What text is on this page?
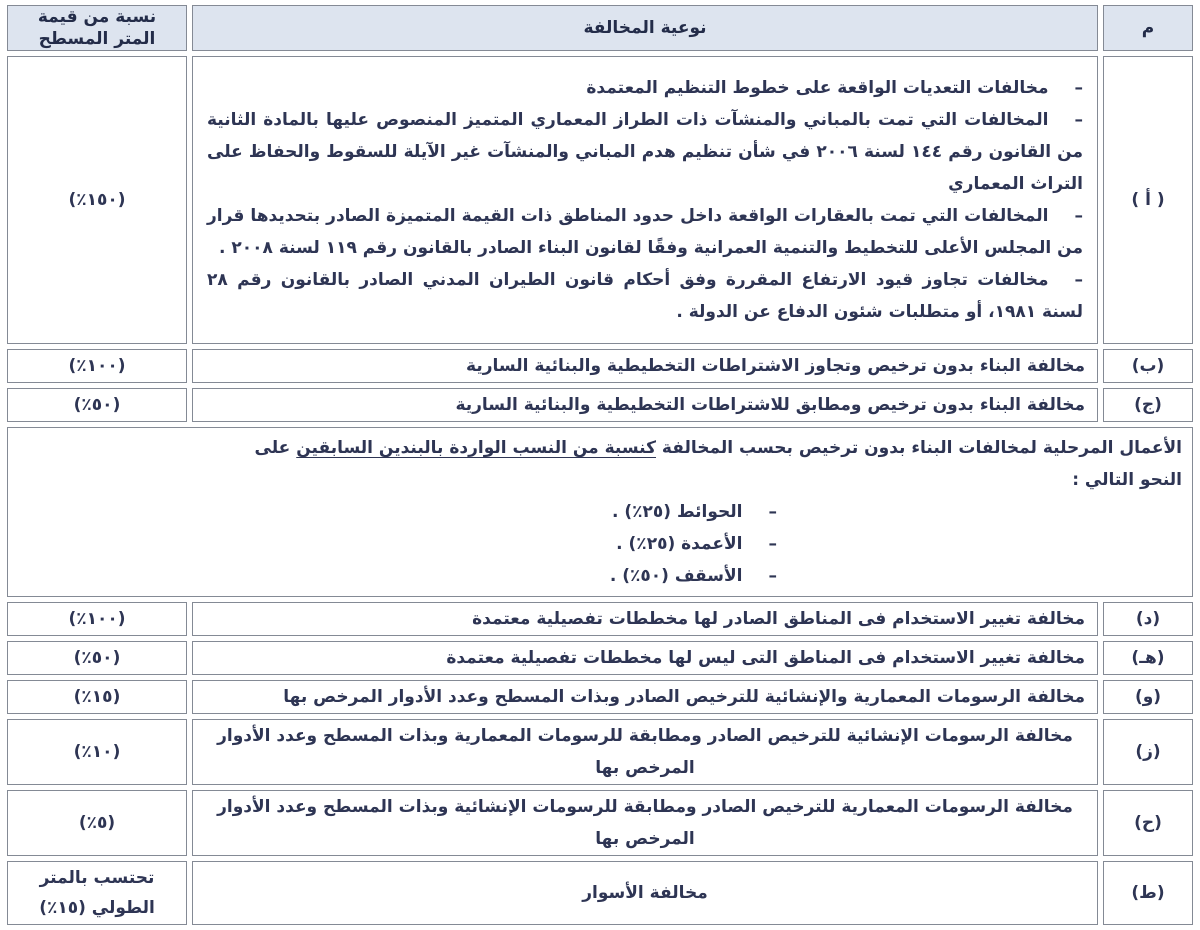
م	نوعية المخالفة	نسبة من قيمة
المتر المسطح
( أ )	–مخالفات التعديات الواقعة على خطوط التنظيم المعتمدة
–المخالفات التي تمت بالمباني والمنشآت ذات الطراز المعماري المتميز المنصوص عليها بالمادة الثانية من القانون رقم ١٤٤ لسنة ٢٠٠٦ في شأن تنظيم هدم المباني والمنشآت غير الآيلة للسقوط والحفاظ على التراث المعماري
–المخالفات التي تمت بالعقارات الواقعة داخل حدود المناطق ذات القيمة المتميزة الصادر بتحديدها قرار من المجلس الأعلى للتخطيط والتنمية العمرانية وفقًا لقانون البناء الصادر بالقانون رقم ١١٩ لسنة ٢٠٠٨ .
–مخالفات تجاوز قيود الارتفاع المقررة وفق أحكام قانون الطيران المدني الصادر بالقانون رقم ٢٨ لسنة ١٩٨١، أو متطلبات شئون الدفاع عن الدولة .	(١٥٠٪)
(ب)	مخالفة البناء بدون ترخيص وتجاوز الاشتراطات التخطيطية والبنائية السارية	(١٠٠٪)
(ج)	مخالفة البناء بدون ترخيص ومطابق للاشتراطات التخطيطية والبنائية السارية	(٥٠٪)

الأعمال المرحلية لمخالفات البناء بدون ترخيص بحسب المخالفة كنسبة من النسب الواردة بالبندين السابقين على
النحو التالي :
–الحوائط (٢٥٪) .
–الأعمدة (٢٥٪) .
–الأسقف (٥٠٪) .		

(د)	مخالفة تغيير الاستخدام فى المناطق الصادر لها مخططات تفصيلية معتمدة	(١٠٠٪)
(هـ)	مخالفة تغيير الاستخدام فى المناطق التى ليس لها مخططات تفصيلية معتمدة	(٥٠٪)
(و)	مخالفة الرسومات المعمارية والإنشائية للترخيص الصادر وبذات المسطح وعدد الأدوار المرخص بها	(١٥٪)
(ز)	مخالفة الرسومات الإنشائية للترخيص الصادر ومطابقة للرسومات المعمارية وبذات المسطح وعدد الأدوار
المرخص بها	(١٠٪)
(ح)	مخالفة الرسومات المعمارية للترخيص الصادر ومطابقة للرسومات الإنشائية وبذات المسطح وعدد الأدوار
المرخص بها	(٥٪)
(ط)	مخالفة الأسوار	تحتسب بالمتر
الطولي (١٥٪)
